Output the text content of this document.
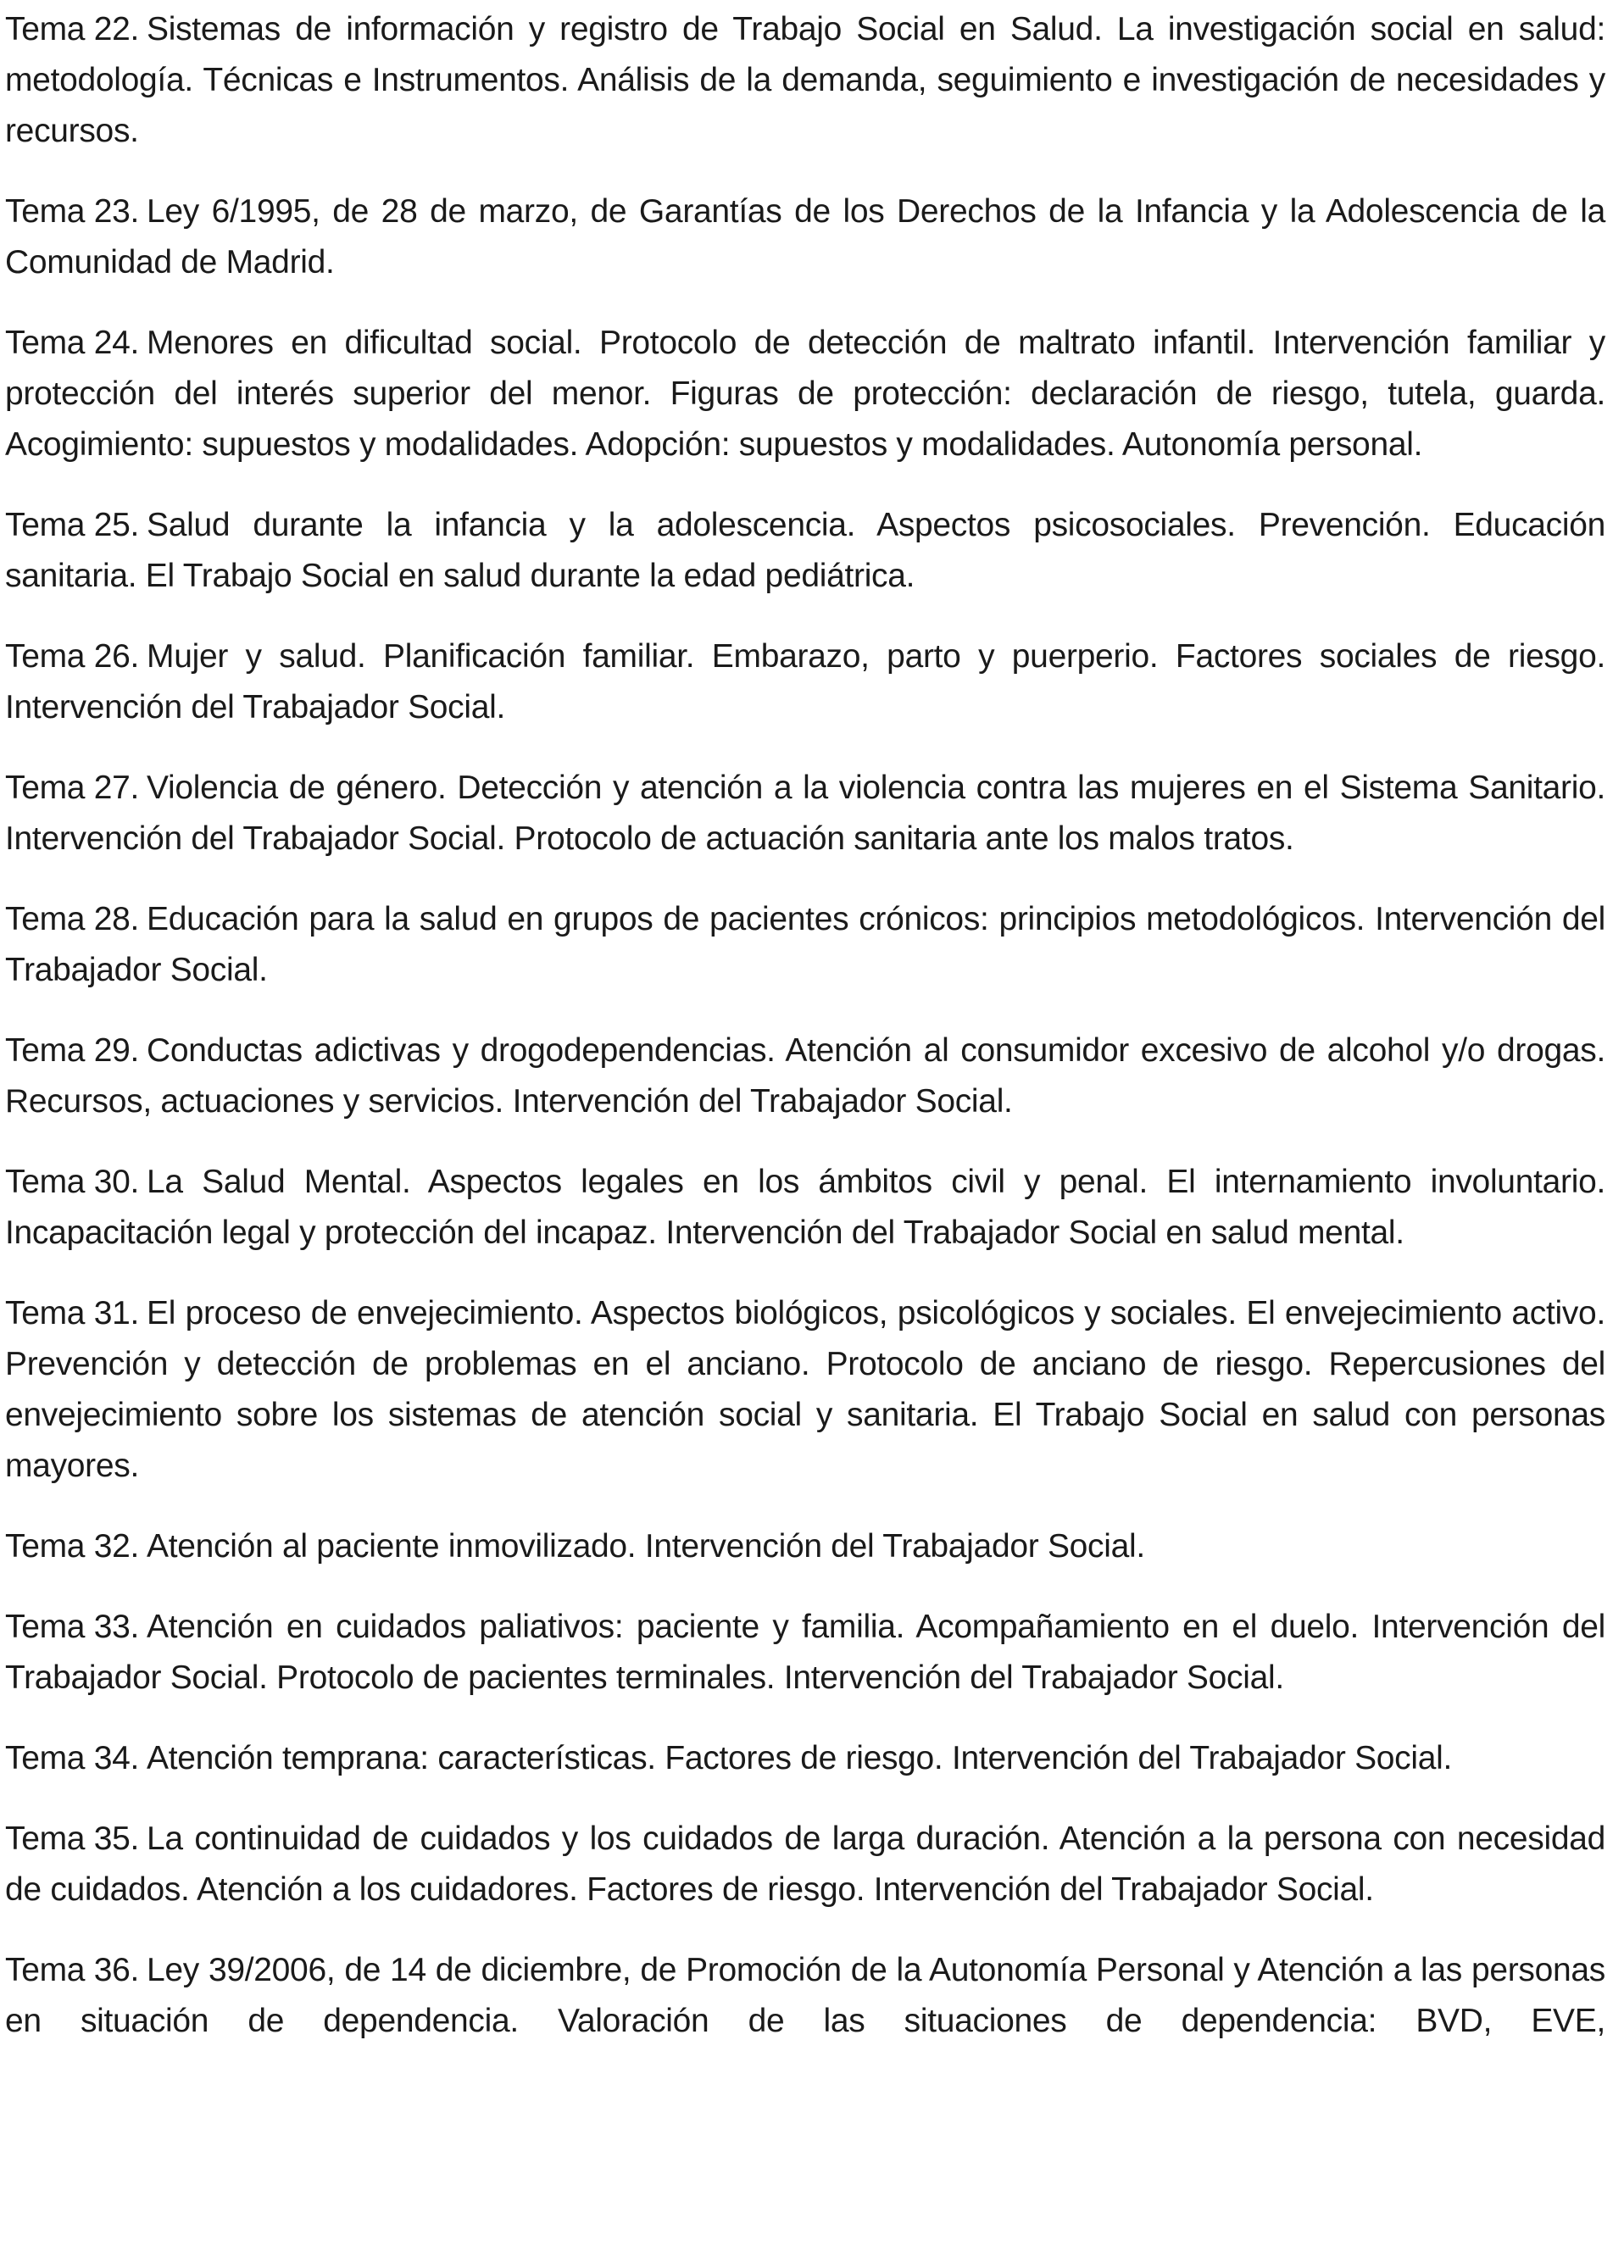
Tema 22. Sistemas de información y registro de Trabajo Social en Salud. La investigación social en salud: metodología. Técnicas e Instrumentos. Análisis de la demanda, seguimiento e investigación de necesidades y recursos.

Tema 23. Ley 6/1995, de 28 de marzo, de Garantías de los Derechos de la Infancia y la Adolescencia de la Comunidad de Madrid.

Tema 24. Menores en dificultad social. Protocolo de detección de maltrato infantil. Intervención familiar y protección del interés superior del menor. Figuras de protección: declaración de riesgo, tutela, guarda. Acogimiento: supuestos y modalidades. Adopción: supuestos y modalidades. Autonomía personal.

Tema 25. Salud durante la infancia y la adolescencia. Aspectos psicosociales. Prevención. Educación sanitaria. El Trabajo Social en salud durante la edad pediátrica.

Tema 26. Mujer y salud. Planificación familiar. Embarazo, parto y puerperio. Factores sociales de riesgo. Intervención del Trabajador Social.

Tema 27. Violencia de género. Detección y atención a la violencia contra las mujeres en el Sistema Sanitario. Intervención del Trabajador Social. Protocolo de actuación sanitaria ante los malos tratos.

Tema 28. Educación para la salud en grupos de pacientes crónicos: principios metodológicos. Intervención del Trabajador Social.

Tema 29. Conductas adictivas y drogodependencias. Atención al consumidor excesivo de alcohol y/o drogas. Recursos, actuaciones y servicios. Intervención del Trabajador Social.

Tema 30. La Salud Mental. Aspectos legales en los ámbitos civil y penal. El internamiento involuntario. Incapacitación legal y protección del incapaz. Intervención del Trabajador Social en salud mental.

Tema 31. El proceso de envejecimiento. Aspectos biológicos, psicológicos y sociales. El envejecimiento activo. Prevención y detección de problemas en el anciano. Protocolo de anciano de riesgo. Repercusiones del envejecimiento sobre los sistemas de atención social y sanitaria. El Trabajo Social en salud con personas mayores.

Tema 32. Atención al paciente inmovilizado. Intervención del Trabajador Social.

Tema 33. Atención en cuidados paliativos: paciente y familia. Acompañamiento en el duelo. Intervención del Trabajador Social. Protocolo de pacientes terminales. Intervención del Trabajador Social.

Tema 34. Atención temprana: características. Factores de riesgo. Intervención del Trabajador Social.

Tema 35. La continuidad de cuidados y los cuidados de larga duración. Atención a la persona con necesidad de cuidados. Atención a los cuidadores. Factores de riesgo. Intervención del Trabajador Social.

Tema 36. Ley 39/2006, de 14 de diciembre, de Promoción de la Autonomía Personal y Atención a las personas en situación de dependencia. Valoración de las situaciones de dependencia: BVD, EVE,
